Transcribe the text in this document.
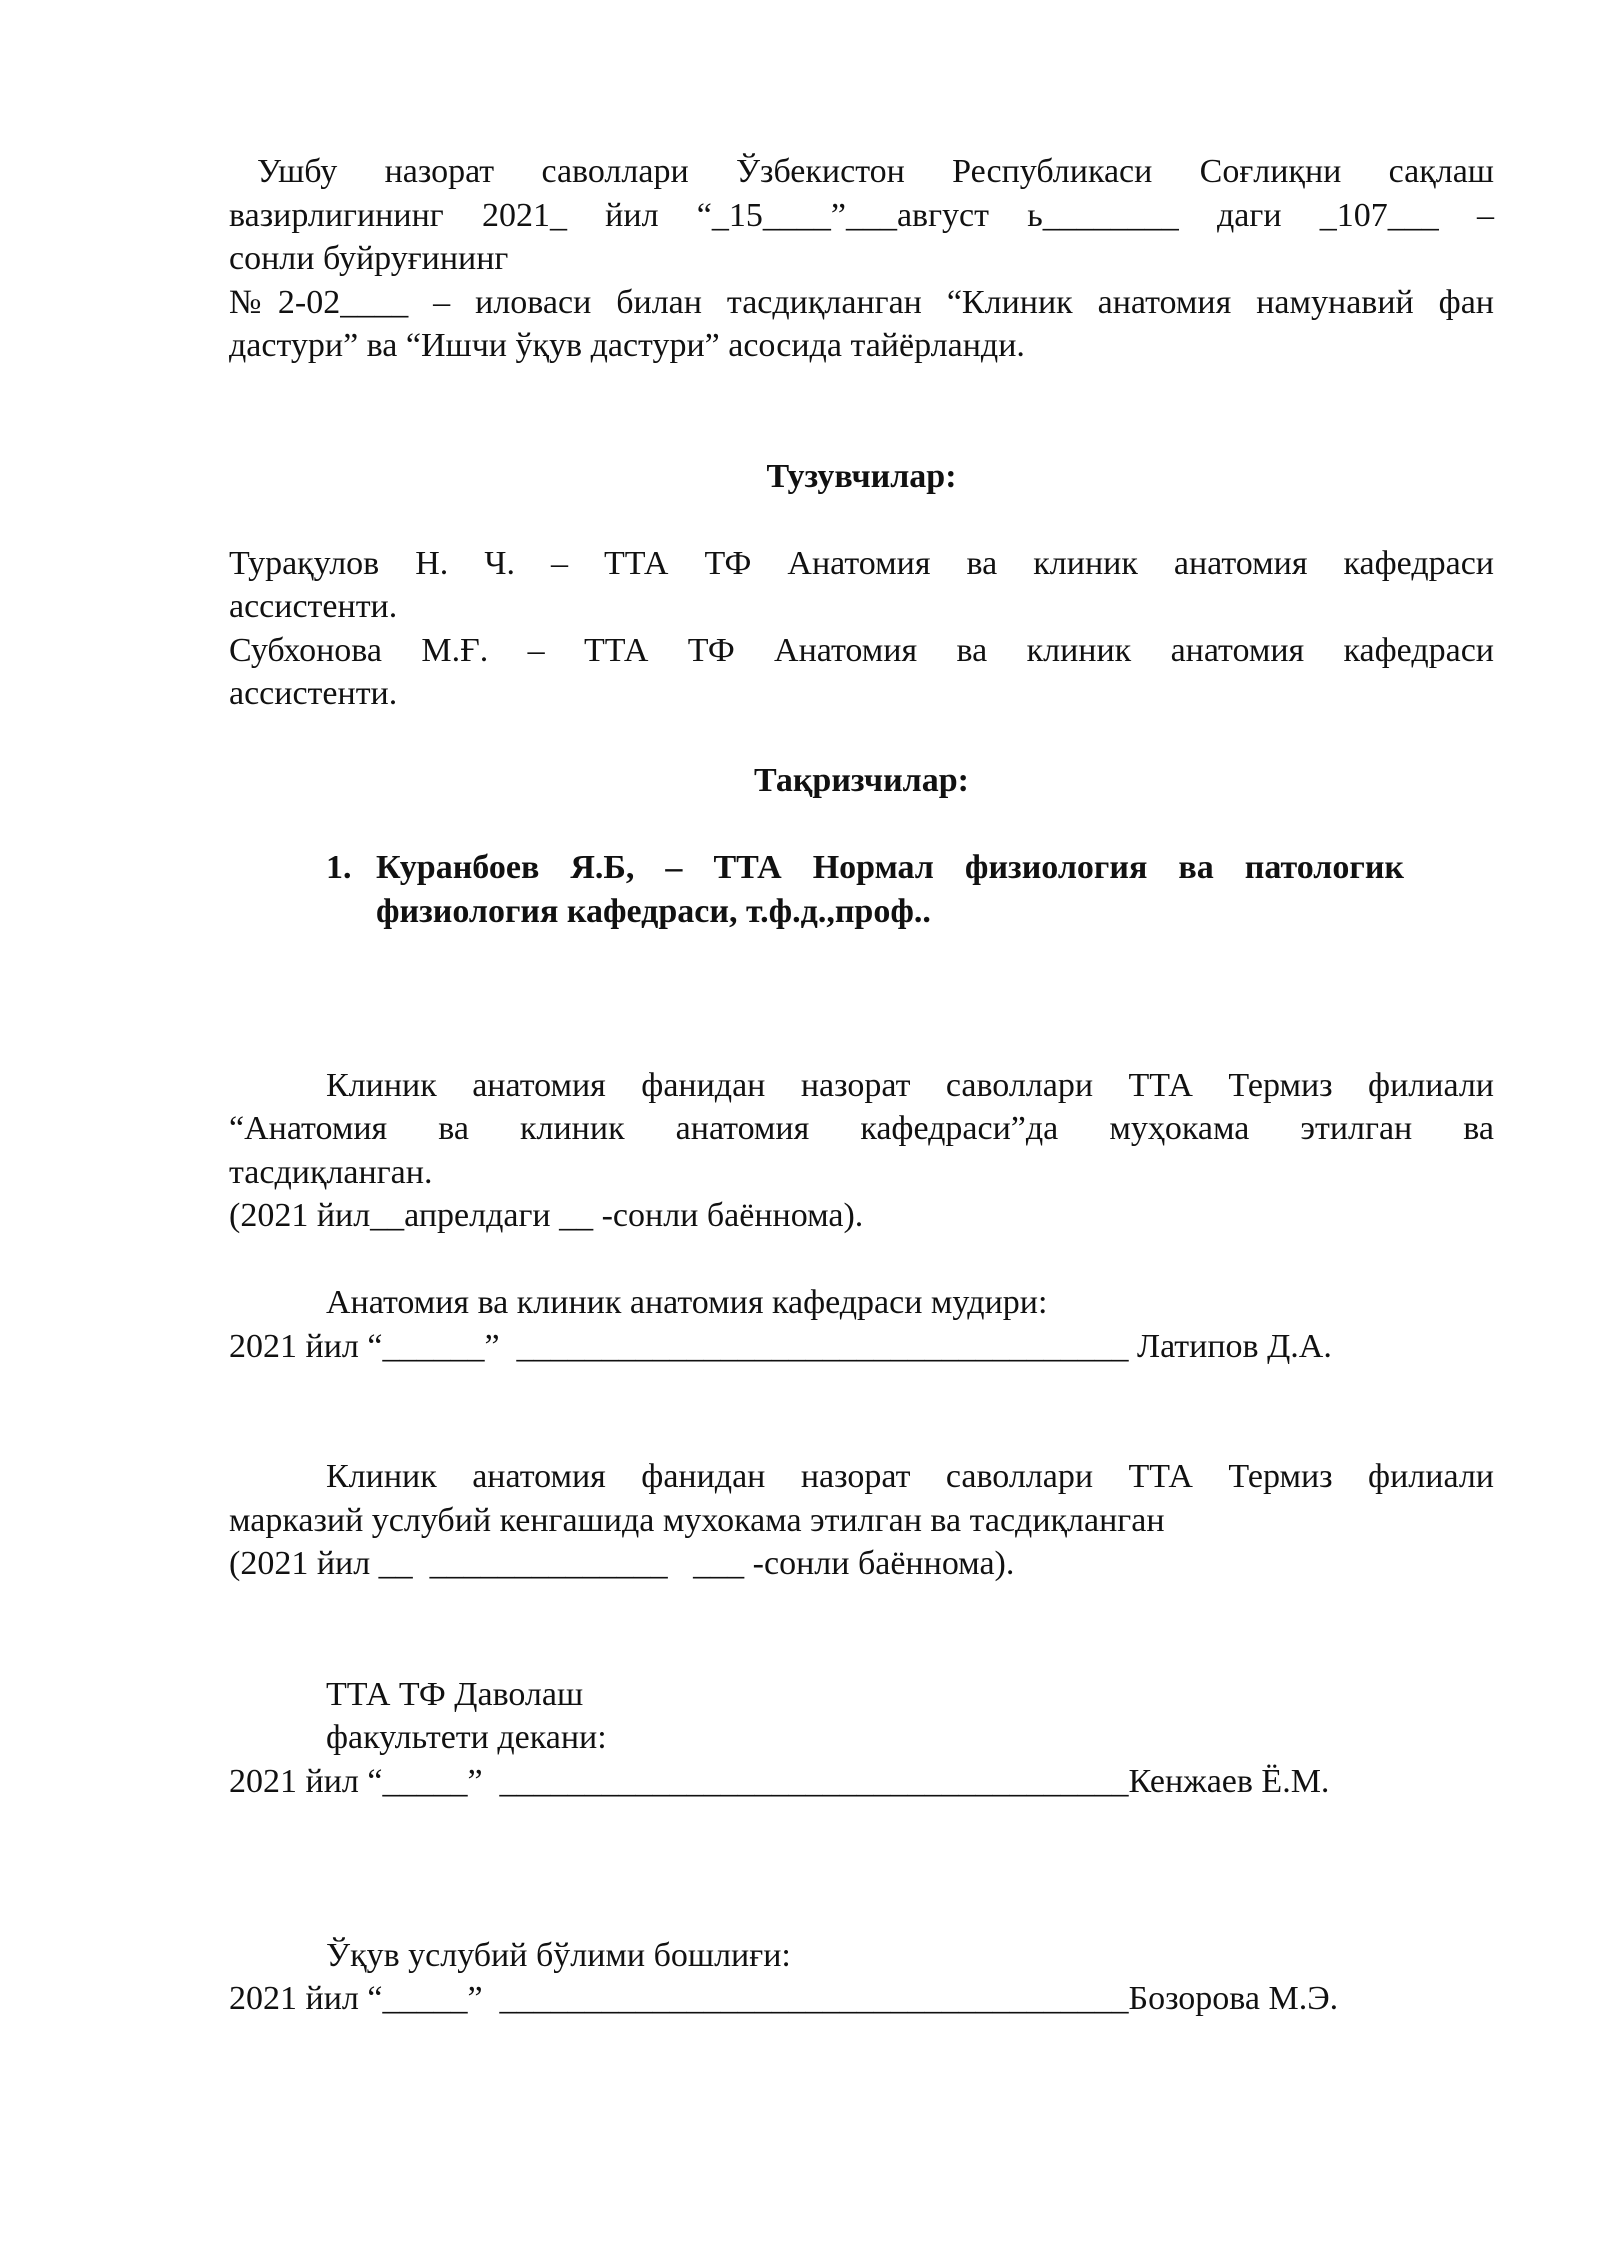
Ушбу назорат саволлари Ўзбекистон Республикаси Соғлиқни сақлаш

вазирлигининг 2021_ йил “_15____”___август ь________ даги _107___ –

сонли буйруғининг

№2-02____ – иловаси билан тасдиқланган “Клиник анатомия намунавий фан

дастури” ва “Ишчи ўқув дастури” асосида тайёрланди.

Тузувчилар:

Турақулов Н. Ч. – ТТА ТФ Анатомия ва клиник анатомия кафедраси

ассистенти.

Субхонова М.Ғ. – ТТА ТФ Анатомия ва клиник анатомия кафедраси

ассистенти.

Тақризчилар:

1. Куранбоев Я.Б, – ТТА Нормал физиология ва патологик

физиология кафедраси, т.ф.д.,проф..

Клиник анатомия фанидан назорат саволлари ТТА Термиз филиали

“Анатомия ва клиник анатомия кафедраси”да муҳокама этилган ва

тасдиқланган.

(2021 йил__апрелдаги __ -сонли баённома).

Анатомия ва клиник анатомия кафедраси мудири:

2021 йил “______”  ____________________________________ Латипов Д.А.

Клиник анатомия фанидан назорат саволлари ТТА Термиз филиали

марказий услубий кенгашида мухокама этилган ва тасдиқланган

(2021 йил __  ______________   ___ -сонли баённома).

ТТА ТФ Даволаш

факультети декани:

2021 йил “_____”  _____________________________________Кенжаев Ё.М.

Ўқув услубий бўлими бошлиғи:

2021 йил “_____”  _____________________________________Бозорова М.Э.
